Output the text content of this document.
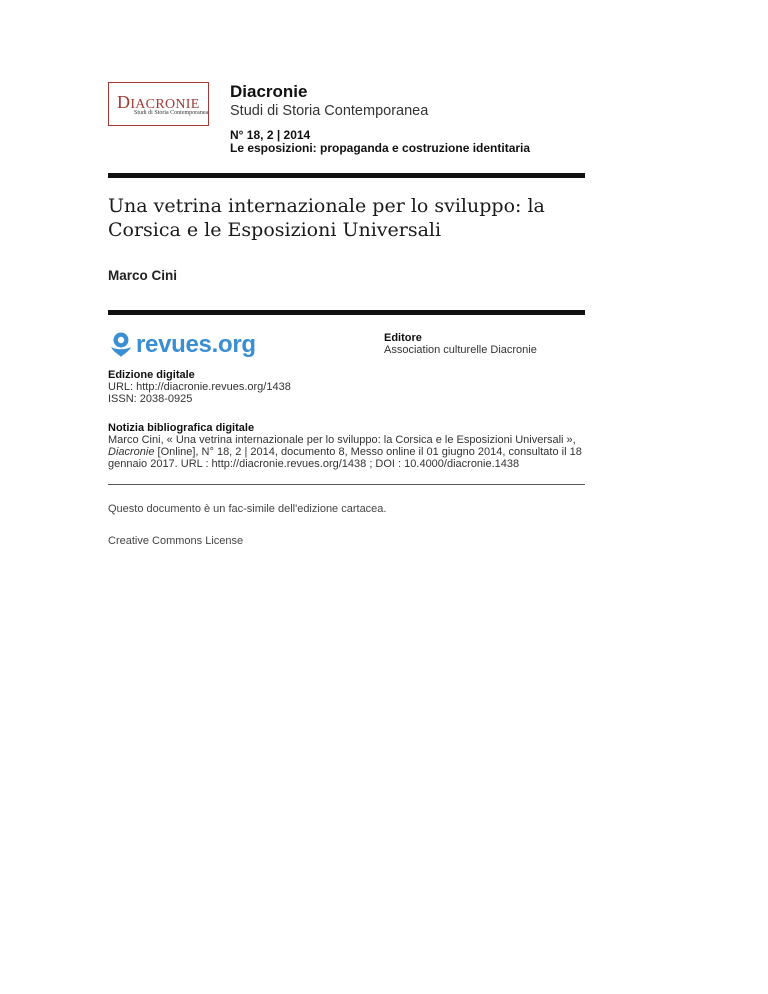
DIACRONIE
Studi di Storia Contemporanea
Diacronie
Studi di Storia Contemporanea
N° 18, 2 | 2014
Le esposizioni: propaganda e costruzione identitaria
Una vetrina internazionale per lo sviluppo: la Corsica e le Esposizioni Universali
Marco Cini
revues.org	Editore
Association culturelle Diacronie
Edizione digitale
URL: http://diacronie.revues.org/1438
ISSN: 2038-0925
Notizia bibliografica digitale
Marco Cini, « Una vetrina internazionale per lo sviluppo: la Corsica e le Esposizioni Universali »,
Diacronie [Online], N° 18, 2 | 2014, documento 8, Messo online il 01 giugno 2014, consultato il 18
gennaio 2017. URL : http://diacronie.revues.org/1438 ; DOI : 10.4000/diacronie.1438
Questo documento è un fac-simile dell'edizione cartacea.
Creative Commons License
